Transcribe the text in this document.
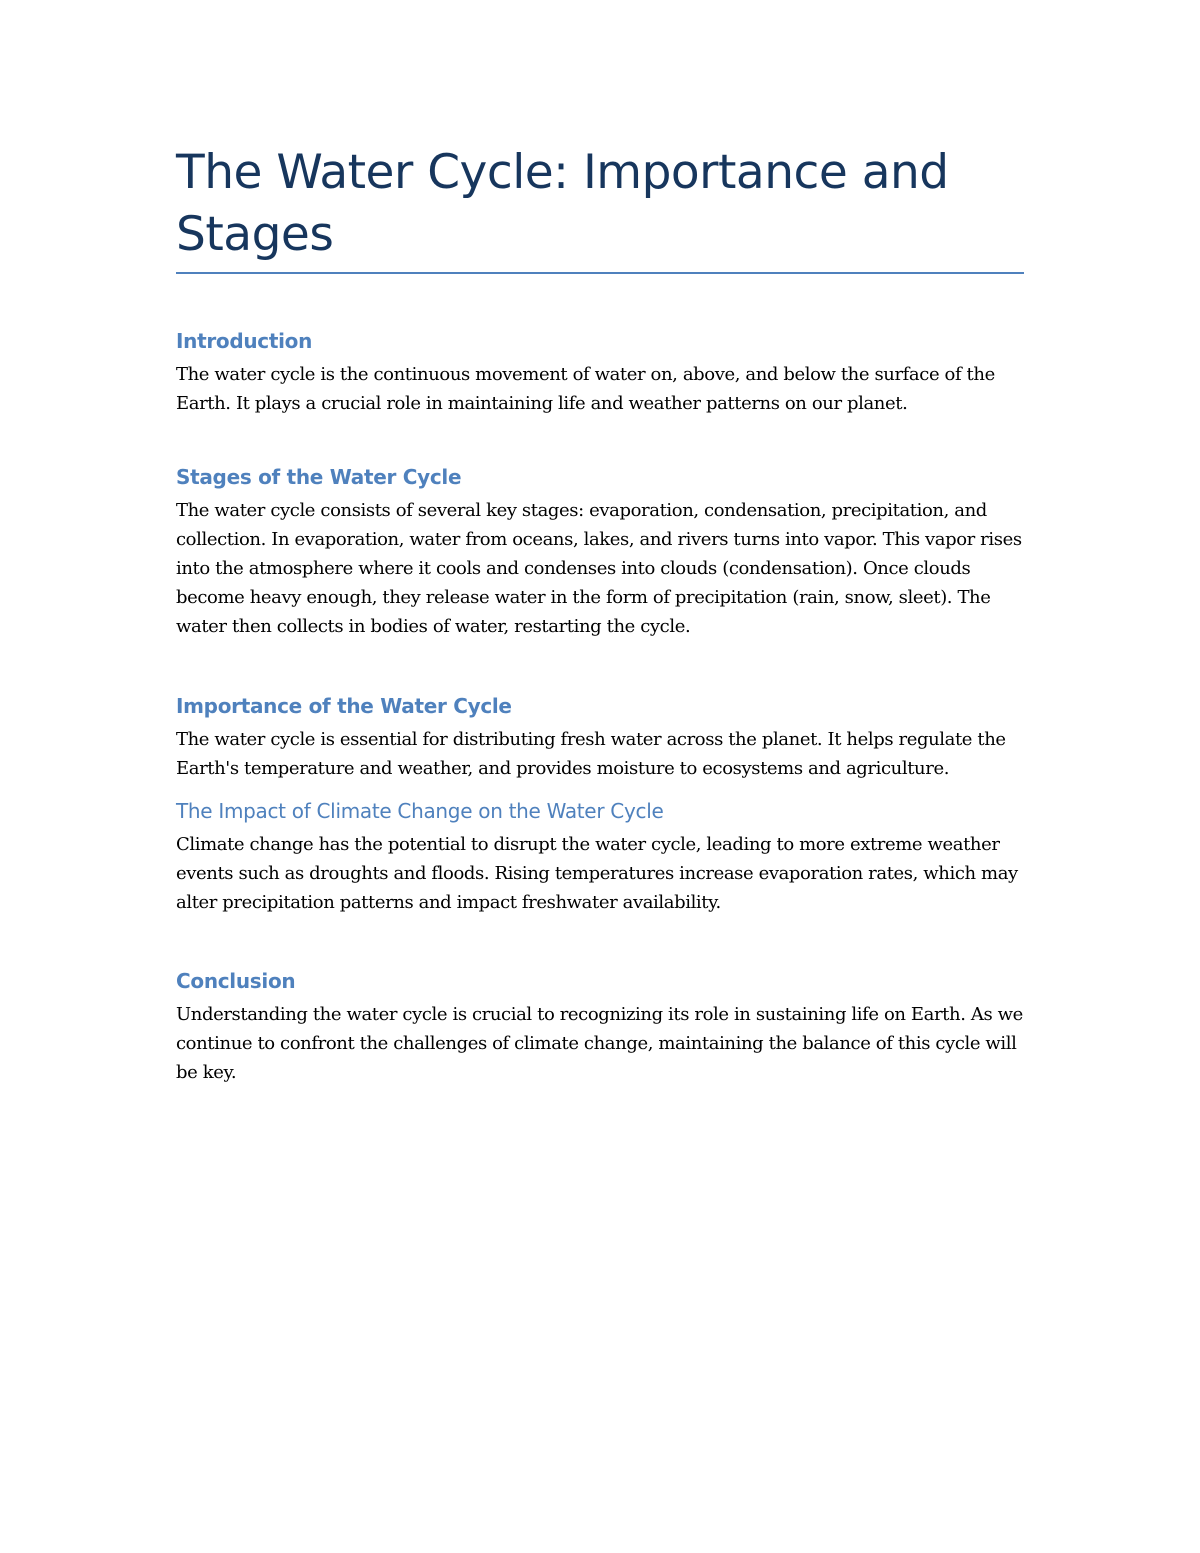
The Water Cycle: Importance and Stages
Introduction

The water cycle is the continuous movement of water on, above, and below the surface of the Earth. It plays a crucial role in maintaining life and weather patterns on our planet.

Stages of the Water Cycle

The water cycle consists of several key stages: evaporation, condensation, precipitation, and collection. In evaporation, water from oceans, lakes, and rivers turns into vapor. This vapor rises into the atmosphere where it cools and condenses into clouds (condensation). Once clouds become heavy enough, they release water in the form of precipitation (rain, snow, sleet). The water then collects in bodies of water, restarting the cycle.

Importance of the Water Cycle

The water cycle is essential for distributing fresh water across the planet. It helps regulate the Earth's temperature and weather, and provides moisture to ecosystems and agriculture.

The Impact of Climate Change on the Water Cycle

Climate change has the potential to disrupt the water cycle, leading to more extreme weather events such as droughts and floods. Rising temperatures increase evaporation rates, which may alter precipitation patterns and impact freshwater availability.

Conclusion

Understanding the water cycle is crucial to recognizing its role in sustaining life on Earth. As we continue to confront the challenges of climate change, maintaining the balance of this cycle will be key.
